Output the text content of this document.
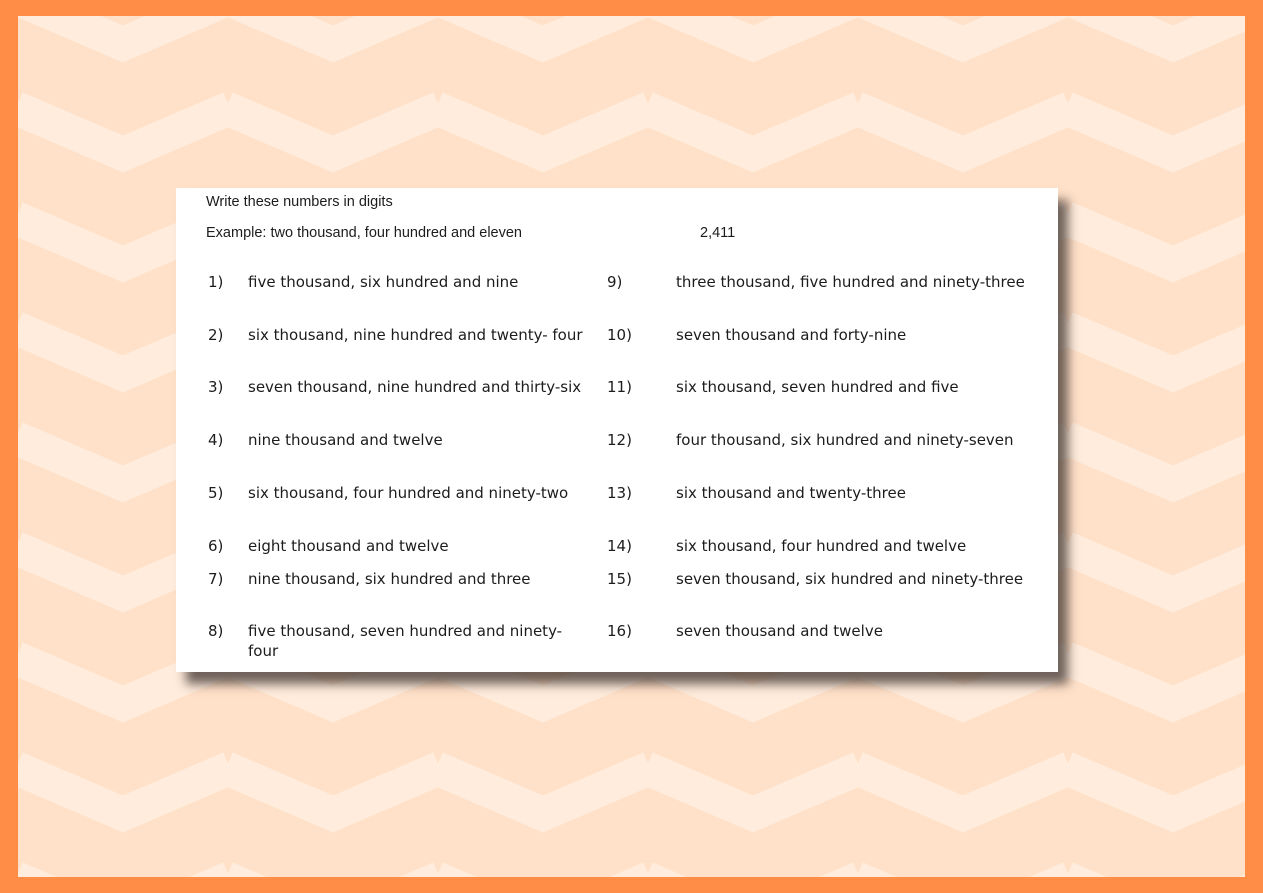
Write these numbers in digits
Example: two thousand, four hundred and eleven	2,411
1) five thousand, six hundred and nine
2) six thousand, nine hundred and twenty- four
3) seven thousand, nine hundred and thirty-six
4) nine thousand and twelve
5) six thousand, four hundred and ninety-two
6) eight thousand and twelve
7) nine thousand, six hundred and three
8) five thousand, seven hundred and ninety-four
9)	three thousand, five hundred and ninety-three
10)	seven thousand and forty-nine
11)	six thousand, seven hundred and five
12)	four thousand, six hundred and ninety-seven
13)	six thousand and twenty-three
14)	six thousand, four hundred and twelve
15)	seven thousand, six hundred and ninety-three
16)	seven thousand and twelve
